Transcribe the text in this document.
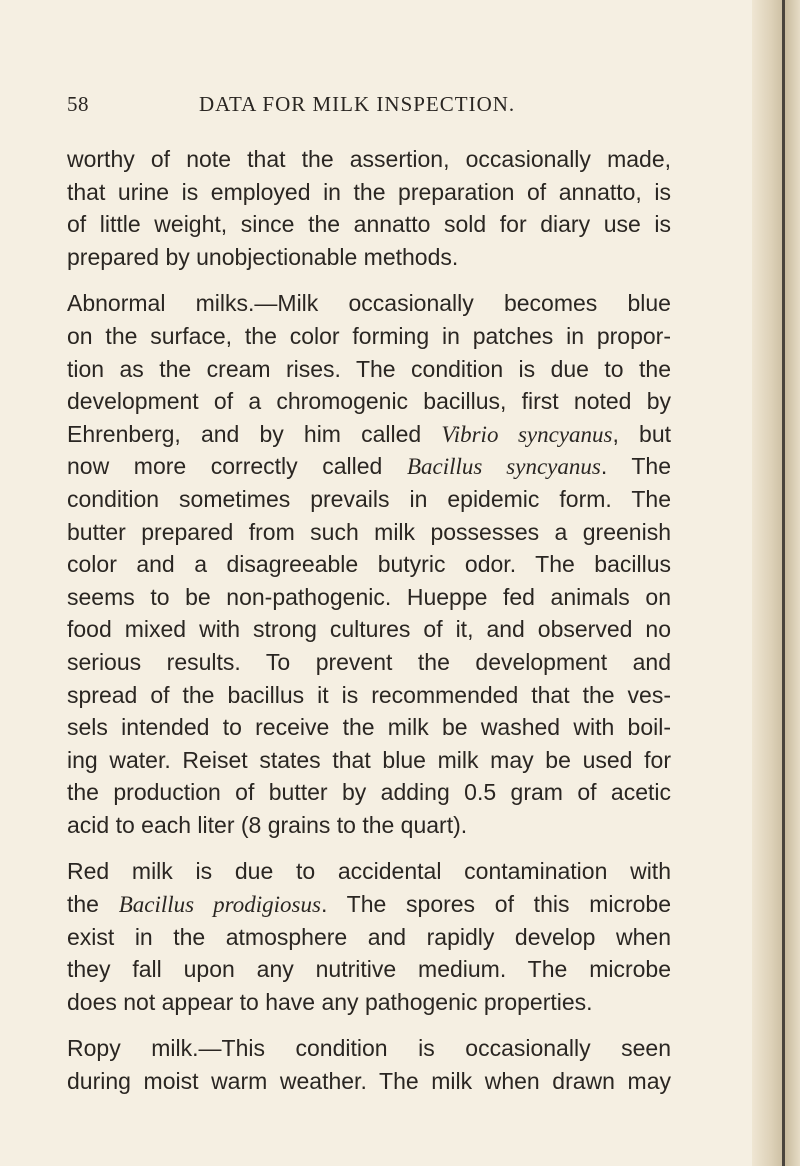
58	DATA FOR MILK INSPECTION.
worthy of note that the assertion, occasionally made,
that urine is employed in the preparation of annatto, is
of little weight, since the annatto sold for diary use is
prepared by unobjectionable methods.
Abnormal milks.—Milk occasionally becomes blue
on the surface, the color forming in patches in propor-
tion as the cream rises. The condition is due to the
development of a chromogenic bacillus, first noted by
Ehrenberg, and by him called Vibrio syncyanus, but
now more correctly called Bacillus syncyanus. The
condition sometimes prevails in epidemic form. The
butter prepared from such milk possesses a greenish
color and a disagreeable butyric odor. The bacillus
seems to be non-pathogenic. Hueppe fed animals on
food mixed with strong cultures of it, and observed no
serious results. To prevent the development and
spread of the bacillus it is recommended that the ves-
sels intended to receive the milk be washed with boil-
ing water. Reiset states that blue milk may be used for
the production of butter by adding 0.5 gram of acetic
acid to each liter (8 grains to the quart).
Red milk is due to accidental contamination with
the Bacillus prodigiosus. The spores of this microbe
exist in the atmosphere and rapidly develop when
they fall upon any nutritive medium. The microbe
does not appear to have any pathogenic properties.
Ropy milk.—This condition is occasionally seen
during moist warm weather. The milk when drawn may
